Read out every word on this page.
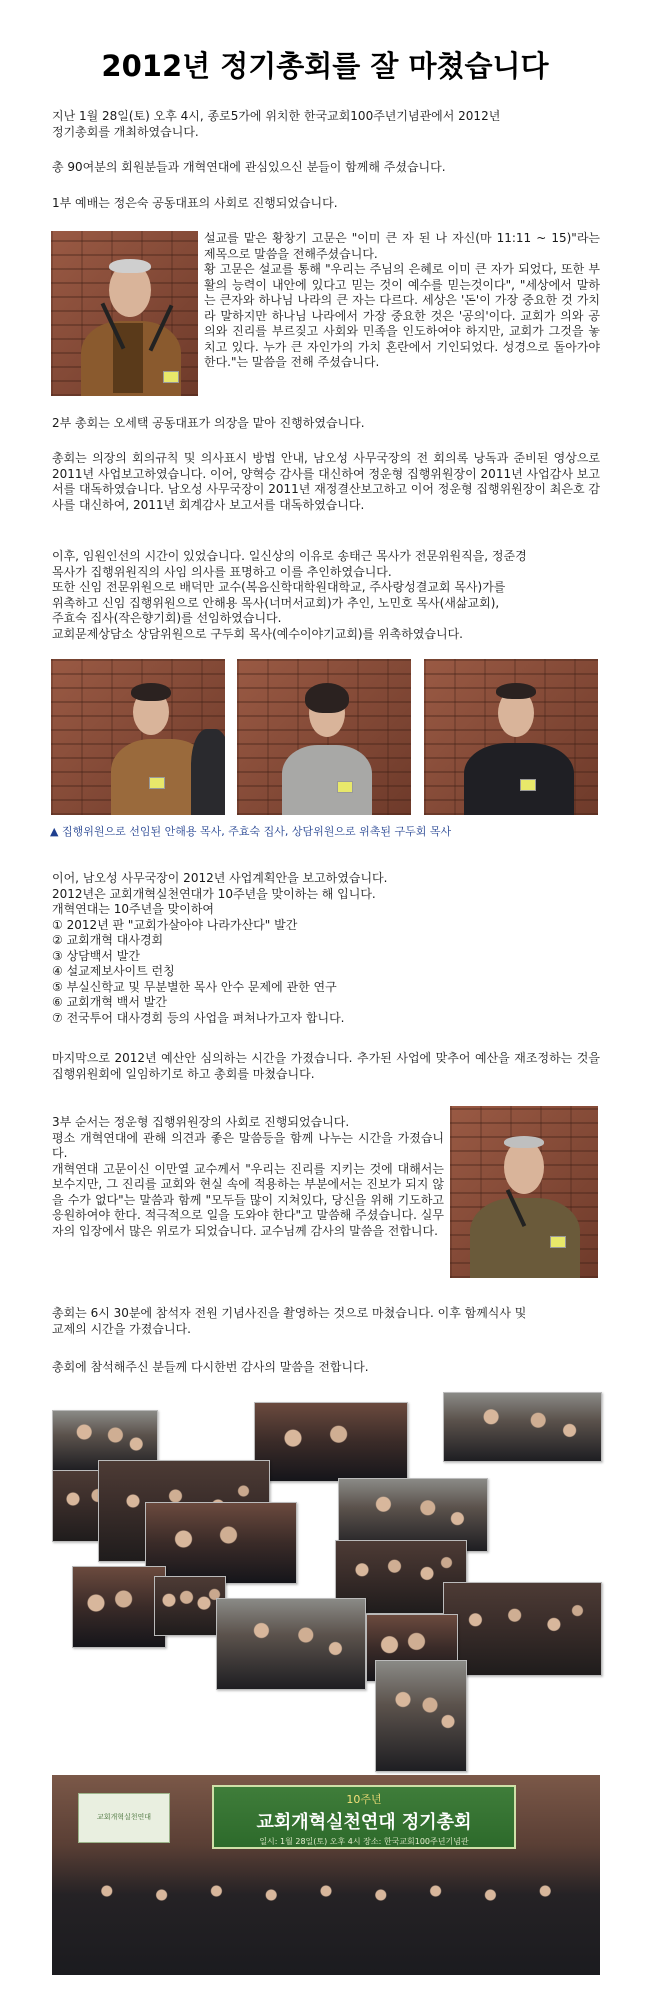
2012년 정기총회를 잘 마쳤습니다

지난 1월 28일(토) 오후 4시, 종로5가에 위치한 한국교회100주년기념관에서 2012년
정기총회를 개최하였습니다.

총 90여분의 회원분들과 개혁연대에 관심있으신 분들이 함께해 주셨습니다.

1부 예배는 정은숙 공동대표의 사회로 진행되었습니다.

설교를 맡은 황창기 고문은 "이미 큰 자 된 나 자신(마 11:11 ~ 15)"라는 제목으로 말씀을 전해주셨습니다.
황 고문은 설교를 통해 "우리는 주님의 은혜로 이미 큰 자가 되었다, 또한 부활의 능력이 내안에 있다고 믿는 것이 예수를 믿는것이다", "세상에서 말하는 큰자와 하나님 나라의 큰 자는 다르다. 세상은 '돈'이 가장 중요한 것 가치라 말하지만 하나님 나라에서 가장 중요한 것은 '공의'이다. 교회가 의와 공의와 진리를 부르짖고 사회와 민족을 인도하여야 하지만, 교회가 그것을 놓치고 있다. 누가 큰 자인가의 가치 혼란에서 기인되었다. 성경으로 돌아가야 한다."는 말씀을 전해 주셨습니다.

2부 총회는 오세택 공동대표가 의장을 맡아 진행하였습니다.

총회는 의장의 회의규칙 및 의사표시 방법 안내, 남오성 사무국장의 전 회의록 낭독과 준비된 영상으로 2011년 사업보고하였습니다. 이어, 양혁승 감사를 대신하여 정운형 집행위원장이 2011년 사업감사 보고서를 대독하였습니다. 남오성 사무국장이 2011년 재정결산보고하고 이어 정운형 집행위원장이 최은호 감사를 대신하여, 2011년 회계감사 보고서를 대독하였습니다.

이후, 임원인선의 시간이 있었습니다. 일신상의 이유로 송태근 목사가 전문위원직을, 정준경
목사가 집행위원직의 사임 의사를 표명하고 이를 추인하였습니다.
또한 신임 전문위원으로 배덕만 교수(복음신학대학원대학교, 주사랑성결교회 목사)가를
위촉하고 신임 집행위원으로 안해용 목사(너머서교회)가 추인, 노민호 목사(새삶교회),
주효숙 집사(작은향기회)를 선임하였습니다.
교회문제상담소 상담위원으로 구두회 목사(예수이야기교회)를 위촉하였습니다.

▲ 집행위원으로 선임된 안해용 목사, 주효숙 집사, 상담위원으로 위촉된 구두회 목사

이어, 남오성 사무국장이 2012년 사업계획안을 보고하였습니다.
2012년은 교회개혁실천연대가 10주년을 맞이하는 해 입니다.
개혁연대는 10주년을 맞이하여
① 2012년 판 "교회가살아야 나라가산다" 발간
② 교회개혁 대사경회
③ 상담백서 발간
④ 설교제보사이트 런칭
⑤ 부실신학교 및 무분별한 목사 안수 문제에 관한 연구
⑥ 교회개혁 백서 발간
⑦ 전국투어 대사경회 등의 사업을 펴쳐나가고자 합니다.

마지막으로 2012년 예산안 심의하는 시간을 가졌습니다. 추가된 사업에 맞추어 예산을 재조정하는 것을 집행위원회에 일임하기로 하고 총회를 마쳤습니다.

3부 순서는 정운형 집행위원장의 사회로 진행되었습니다.
평소 개혁연대에 관해 의견과 좋은 말씀등을 함께 나누는 시간을 가졌습니다.
개혁연대 고문이신 이만열 교수께서 "우리는 진리를 지키는 것에 대해서는 보수지만, 그 진리를 교회와 현실 속에 적용하는 부분에서는 진보가 되지 않을 수가 없다"는 말씀과 함께 "모두들 많이 지쳐있다, 당신을 위해 기도하고 응원하여야 한다. 적극적으로 일을 도와야 한다"고 말씀해 주셨습니다. 실무자의 입장에서 많은 위로가 되었습니다. 교수님께 감사의 말씀을 전합니다.

총회는 6시 30분에 참석자 전원 기념사진을 촬영하는 것으로 마쳤습니다. 이후 함께식사 및
교제의 시간을 가졌습니다.

총회에 참석해주신 분들께 다시한번 감사의 말씀을 전합니다.

교회개혁실천연대
10주년
교회개혁실천연대 정기총회
일시: 1월 28일(토) 오후 4시 장소: 한국교회100주년기념관
